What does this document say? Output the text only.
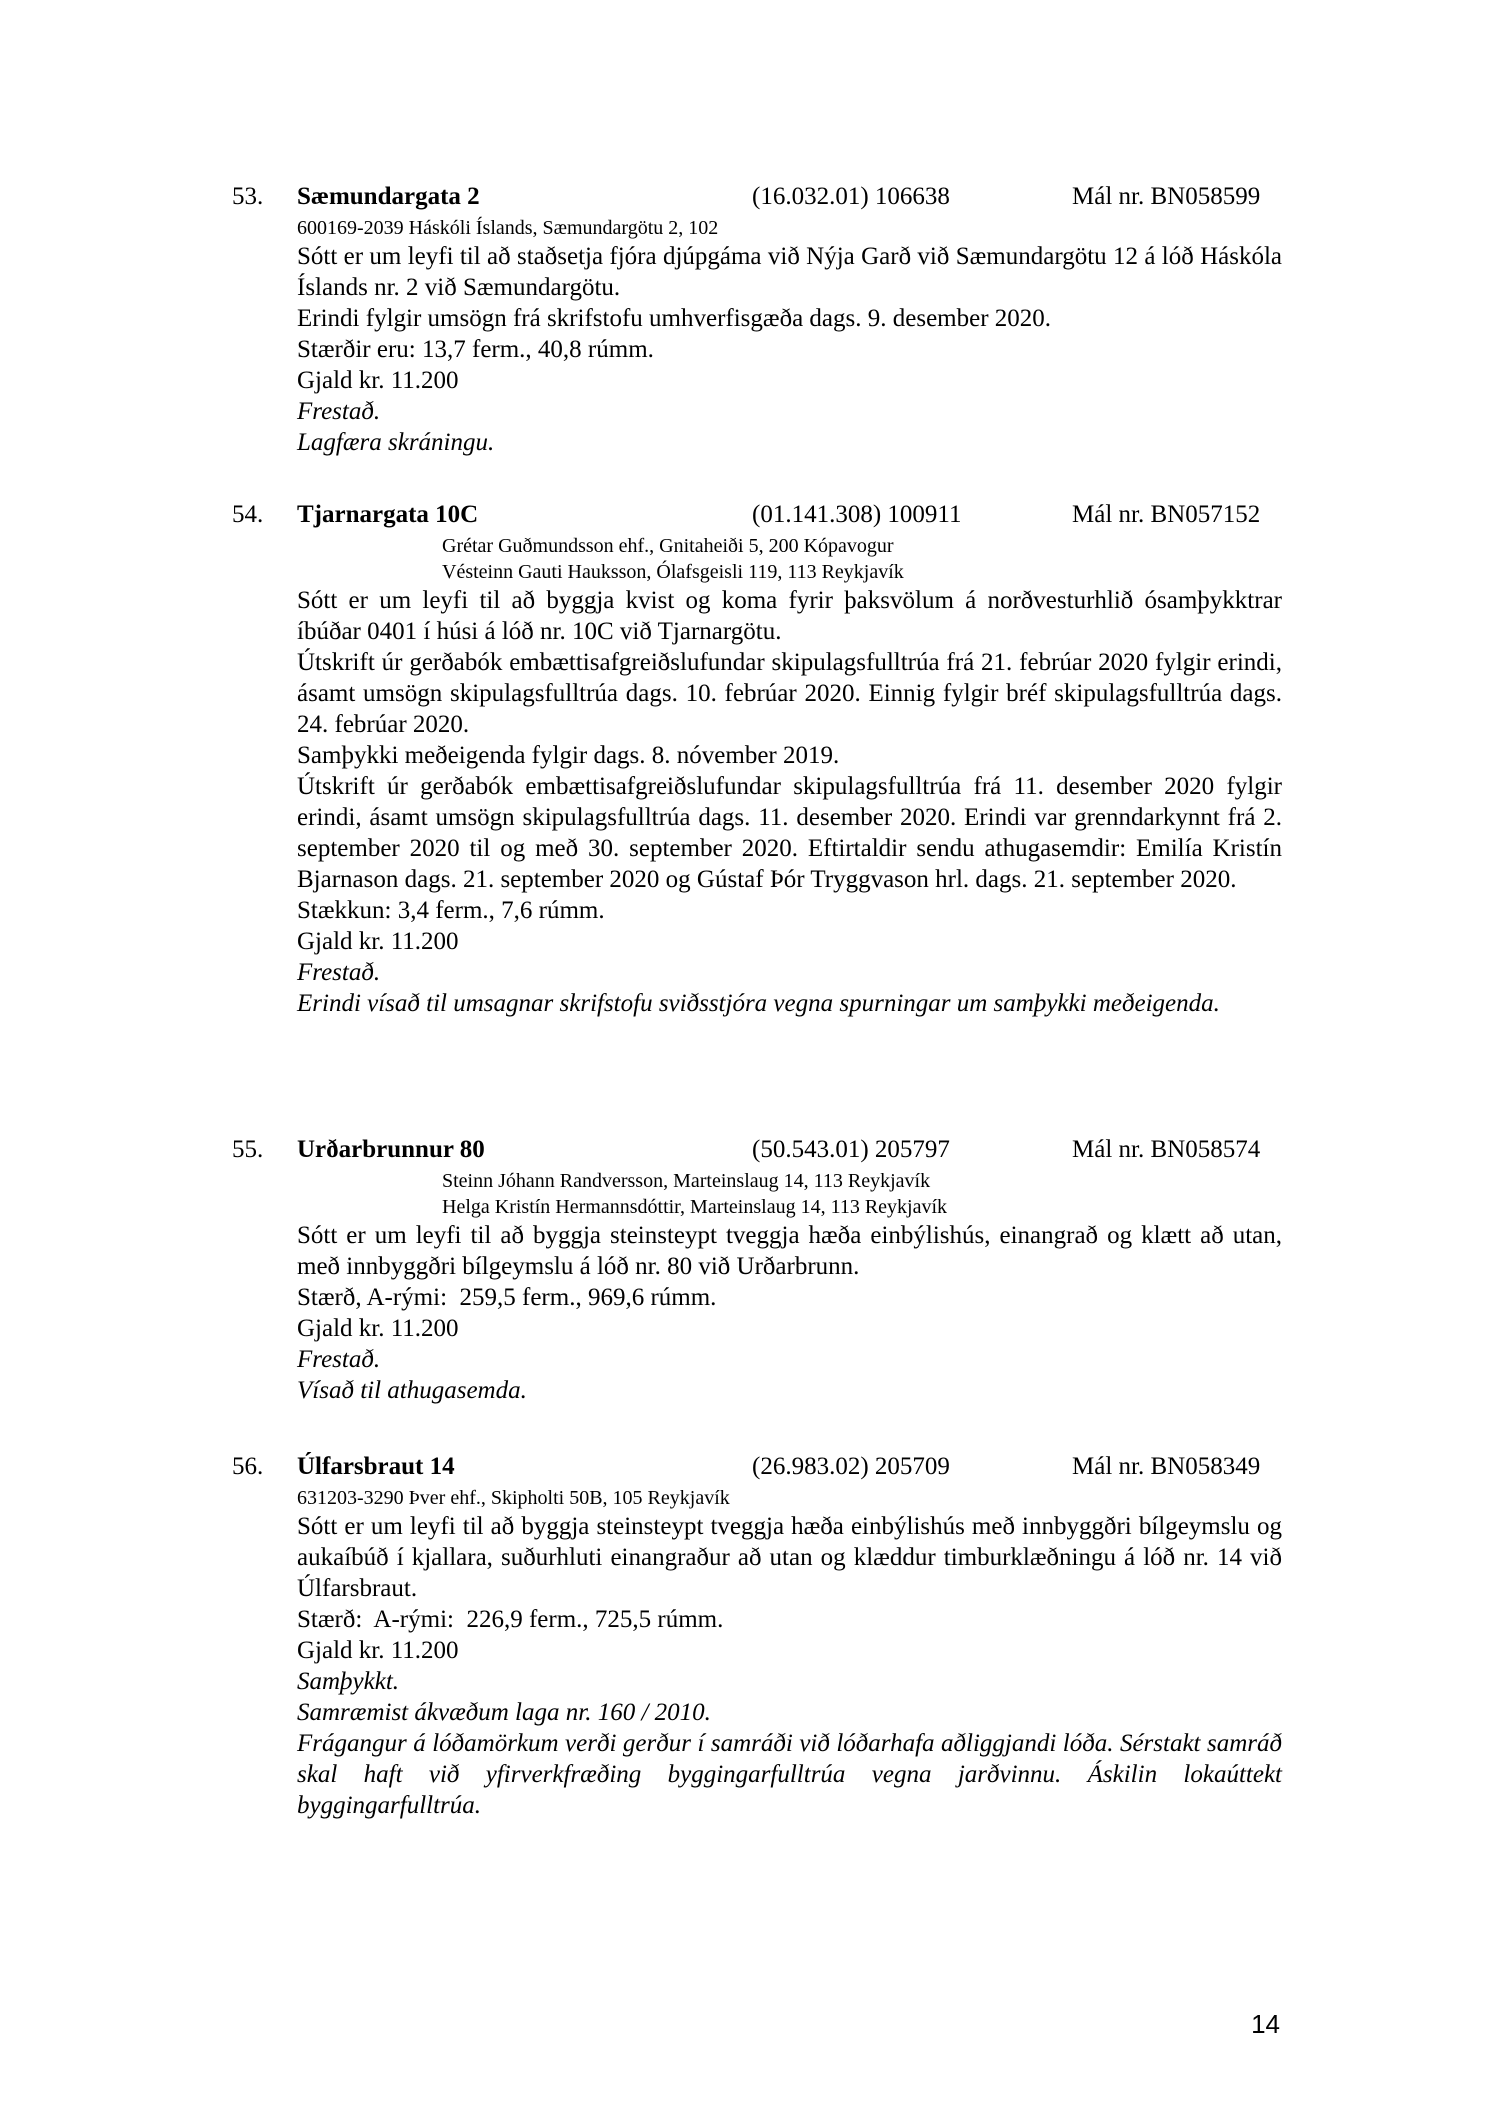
53. Sæmundargata 2	(16.032.01) 106638	Mál nr. BN058599
600169-2039 Háskóli Íslands, Sæmundargötu 2, 102

Sótt er um leyfi til að staðsetja fjóra djúpgáma við Nýja Garð við Sæmundargötu 12 á lóð Háskóla Íslands nr. 2 við Sæmundargötu.

Erindi fylgir umsögn frá skrifstofu umhverfisgæða dags. 9. desember 2020.

Stærðir eru: 13,7 ferm., 40,8 rúmm.

Gjald kr. 11.200

Frestað.

Lagfæra skráningu.

54. Tjarnargata 10C	(01.141.308) 100911	Mál nr. BN057152
Grétar Guðmundsson ehf., Gnitaheiði 5, 200 Kópavogur
Vésteinn Gauti Hauksson, Ólafsgeisli 119, 113 Reykjavík

Sótt er um leyfi til að byggja kvist og koma fyrir þaksvölum á norðvesturhlið ósamþykktrar íbúðar 0401 í húsi á lóð nr. 10C við Tjarnargötu.

Útskrift úr gerðabók embættisafgreiðslufundar skipulagsfulltrúa frá 21. febrúar 2020 fylgir erindi, ásamt umsögn skipulagsfulltrúa dags. 10. febrúar 2020. Einnig fylgir bréf skipulagsfulltrúa dags. 24. febrúar 2020.

Samþykki meðeigenda fylgir dags. 8. nóvember 2019.

Útskrift úr gerðabók embættisafgreiðslufundar skipulagsfulltrúa frá 11. desember 2020 fylgir erindi, ásamt umsögn skipulagsfulltrúa dags. 11. desember 2020. Erindi var grenndarkynnt frá 2. september 2020 til og með 30. september 2020. Eftirtaldir sendu athugasemdir: Emilía Kristín Bjarnason dags. 21. september 2020 og Gústaf Þór Tryggvason hrl. dags. 21. september 2020.

Stækkun: 3,4 ferm., 7,6 rúmm.

Gjald kr. 11.200

Frestað.

Erindi vísað til umsagnar skrifstofu sviðsstjóra vegna spurningar um samþykki meðeigenda.

55. Urðarbrunnur 80	(50.543.01) 205797	Mál nr. BN058574
Steinn Jóhann Randversson, Marteinslaug 14, 113 Reykjavík
Helga Kristín Hermannsdóttir, Marteinslaug 14, 113 Reykjavík

Sótt er um leyfi til að byggja steinsteypt tveggja hæða einbýlishús, einangrað og klætt að utan, með innbyggðri bílgeymslu á lóð nr. 80 við Urðarbrunn.

Stærð, A-rými:  259,5 ferm., 969,6 rúmm.

Gjald kr. 11.200

Frestað.

Vísað til athugasemda.

56. Úlfarsbraut 14	(26.983.02) 205709	Mál nr. BN058349
631203-3290 Þver ehf., Skipholti 50B, 105 Reykjavík

Sótt er um leyfi til að byggja steinsteypt tveggja hæða einbýlishús með innbyggðri bílgeymslu og aukaíbúð í kjallara, suðurhluti einangraður að utan og klæddur timburklæðningu á lóð nr. 14 við Úlfarsbraut.

Stærð:  A-rými:  226,9 ferm., 725,5 rúmm.

Gjald kr. 11.200

Samþykkt.

Samræmist ákvæðum laga nr. 160 / 2010.

Frágangur á lóðamörkum verði gerður í samráði við lóðarhafa aðliggjandi lóða. Sérstakt samráð skal haft við yfirverkfræðing byggingarfulltrúa vegna jarðvinnu. Áskilin lokaúttekt byggingarfulltrúa.

14
